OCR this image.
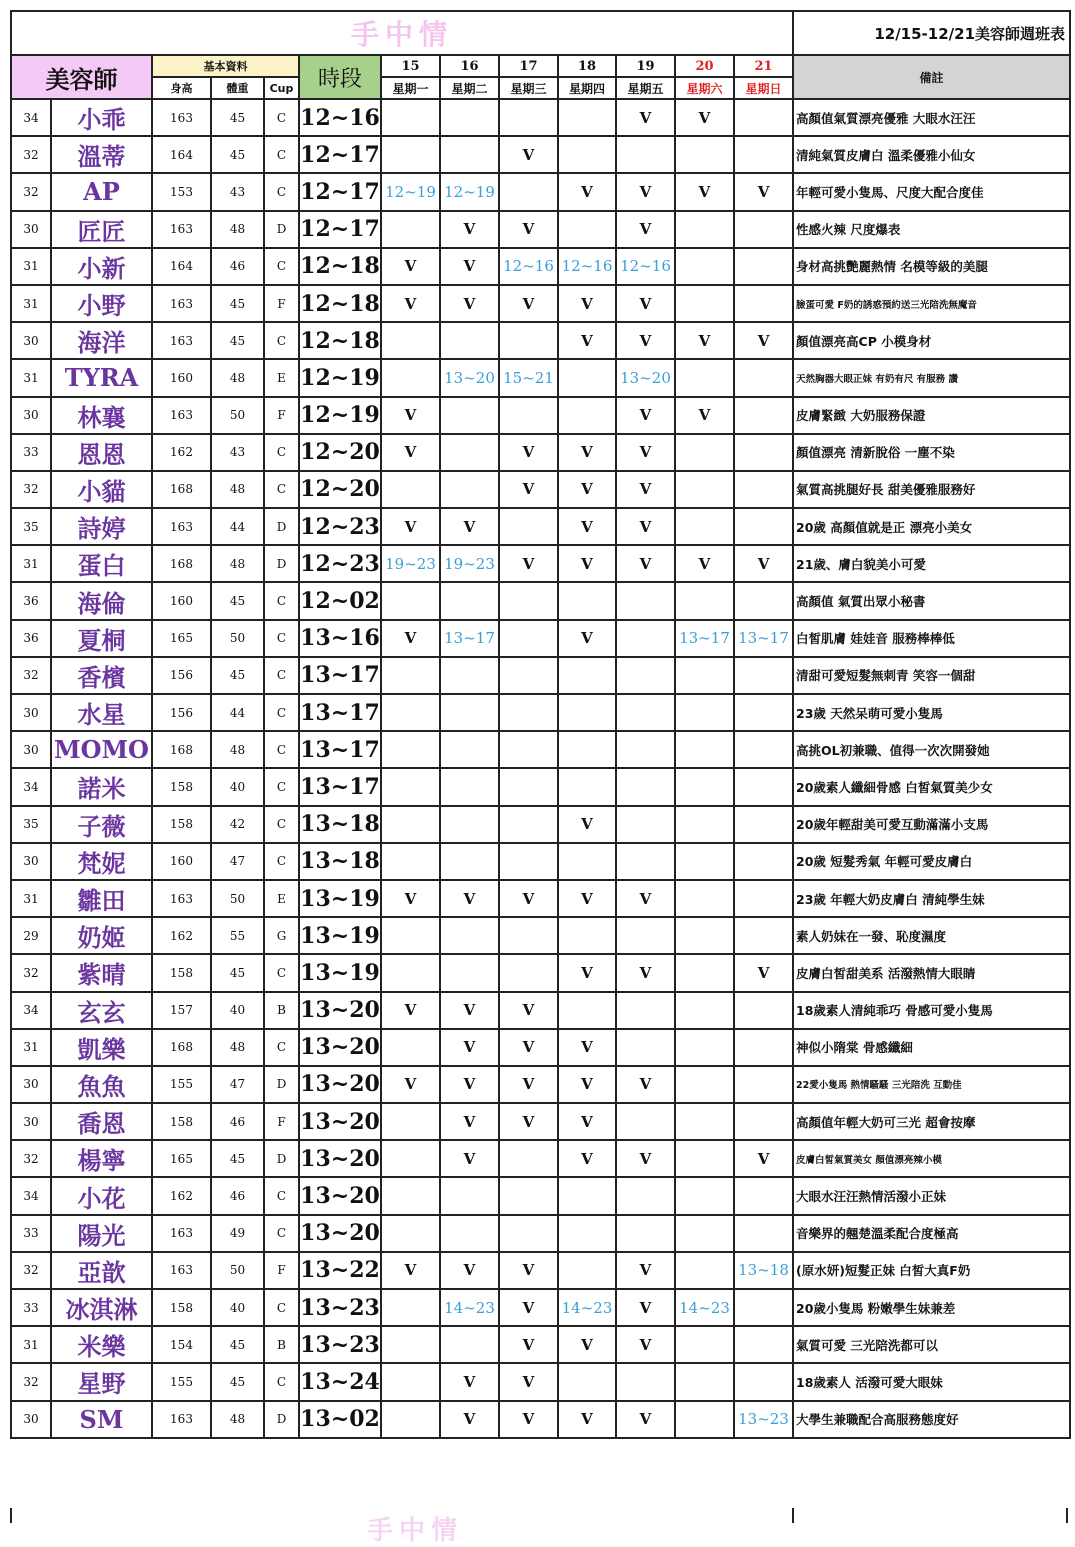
手中情													12/15-12/21美容師週班表
美容師		基本資料			時段	15	16	17	18	19	20	21	備註
		身高	體重	Cup		星期一	星期二	星期三	星期四	星期五	星期六	星期日	
34	小乖	163	45	C	12~16					V	V		高顏值氣質漂亮優雅 大眼水汪汪
32	溫蒂	164	45	C	12~17			V					清純氣質皮膚白 溫柔優雅小仙女
32	AP	153	43	C	12~17	12~19	12~19		V	V	V	V	年輕可愛小隻馬、尺度大配合度佳
30	匠匠	163	48	D	12~17		V	V		V			性感火辣 尺度爆表
31	小新	164	46	C	12~18	V	V	12~16	12~16	12~16			身材高挑艷麗熱情 名模等級的美腿
31	小野	163	45	F	12~18	V	V	V	V	V			臉蛋可愛 F奶的誘惑預約送三光陪洗無魔音
30	海洋	163	45	C	12~18				V	V	V	V	顏值漂亮高CP 小模身材
31	TYRA	160	48	E	12~19		13~20	15~21		13~20			天然胸器大眼正妹 有奶有尺 有服務 讚
30	林襄	163	50	F	12~19	V				V	V		皮膚緊緻 大奶服務保證
33	恩恩	162	43	C	12~20	V		V	V	V			顏值漂亮 清新脫俗 一塵不染
32	小貓	168	48	C	12~20			V	V	V			氣質高挑腿好長 甜美優雅服務好
35	詩婷	163	44	D	12~23	V	V		V	V			20歲 高顏值就是正 漂亮小美女
31	蛋白	168	48	D	12~23	19~23	19~23	V	V	V	V	V	21歲、膚白貌美小可愛
36	海倫	160	45	C	12~02								高顏值 氣質出眾小秘書
36	夏桐	165	50	C	13~16	V	13~17		V		13~17	13~17	白皙肌膚 娃娃音 服務棒棒低
32	香檳	156	45	C	13~17								清甜可愛短髮無刺青 笑容一個甜
30	水星	156	44	C	13~17								23歲 天然呆萌可愛小隻馬
30	MOMO	168	48	C	13~17								高挑OL初兼職、值得一次次開發她
34	諾米	158	40	C	13~17								20歲素人纖細骨感 白皙氣質美少女
35	子薇	158	42	C	13~18				V				20歲年輕甜美可愛互動滿滿小支馬
30	梵妮	160	47	C	13~18								20歲 短髮秀氣 年輕可愛皮膚白
31	雛田	163	50	E	13~19	V	V	V	V	V			23歲 年輕大奶皮膚白 清純學生妹
29	奶姬	162	55	G	13~19								素人奶妹在一發、恥度濕度
32	紫晴	158	45	C	13~19				V	V		V	皮膚白皙甜美系 活潑熱情大眼睛
34	玄玄	157	40	B	13~20	V	V	V					18歲素人清純乖巧 骨感可愛小隻馬
31	凱樂	168	48	C	13~20		V	V	V				神似小隋棠 骨感纖細
30	魚魚	155	47	D	13~20	V	V	V	V	V			22愛小隻馬 熱情騷騷 三光陪洗 互動佳
30	喬恩	158	46	F	13~20		V	V	V				高顏值年輕大奶可三光 超會按摩
32	楊寧	165	45	D	13~20		V		V	V		V	皮膚白皙氣質美女 顏值漂亮辣小模
34	小花	162	46	C	13~20								大眼水汪汪熱情活潑小正妹
33	陽光	163	49	C	13~20								音樂界的翹楚溫柔配合度極高
32	亞歆	163	50	F	13~22	V	V	V		V		13~18	(原水妍)短髮正妹 白皙大真F奶
33	冰淇淋	158	40	C	13~23		14~23	V	14~23	V	14~23		20歲小隻馬 粉嫩學生妹兼差
31	米樂	154	45	B	13~23			V	V	V			氣質可愛 三光陪洗都可以
32	星野	155	45	C	13~24		V	V					18歲素人 活潑可愛大眼妹
30	SM	163	48	D	13~02		V	V	V	V		13~23	大學生兼職配合高服務態度好
手中情
